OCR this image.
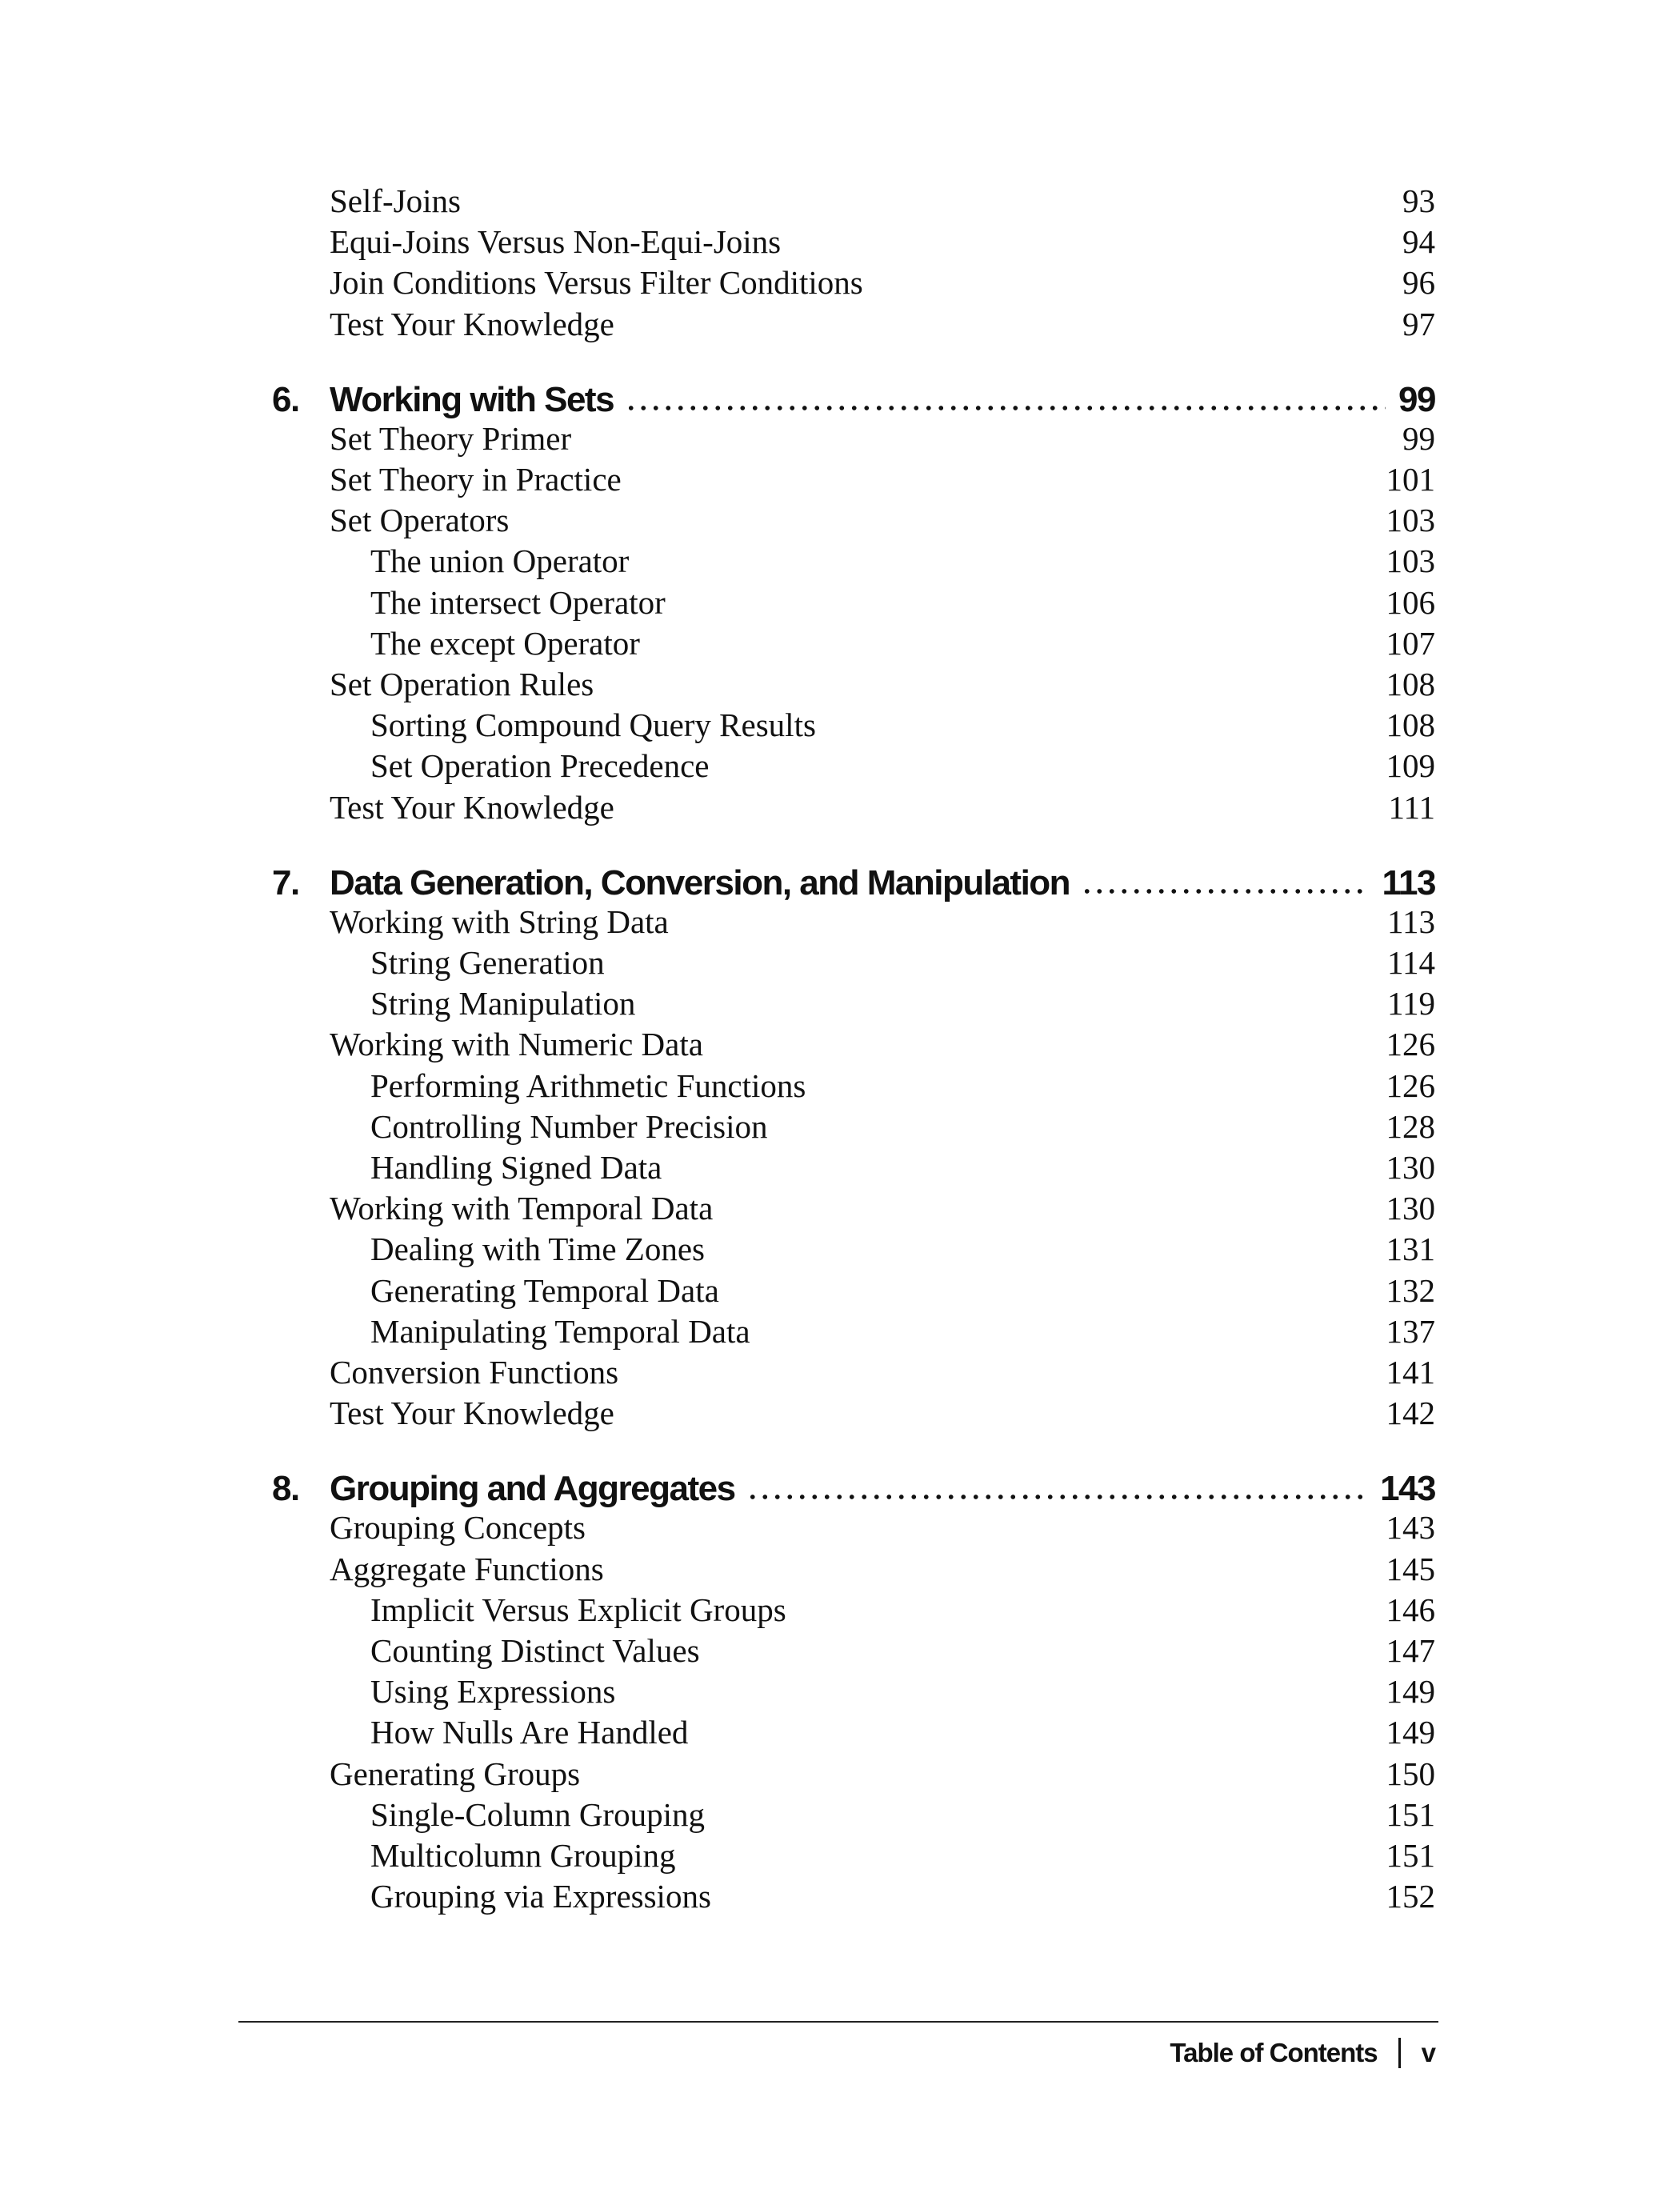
Self-Joins	93
Equi-Joins Versus Non-Equi-Joins	94
Join Conditions Versus Filter Conditions	96
Test Your Knowledge	97
6. Working with Sets	99
Set Theory Primer	99
Set Theory in Practice	101
Set Operators	103
The union Operator	103
The intersect Operator	106
The except Operator	107
Set Operation Rules	108
Sorting Compound Query Results	108
Set Operation Precedence	109
Test Your Knowledge	111
7. Data Generation, Conversion, and Manipulation	113
Working with String Data	113
String Generation	114
String Manipulation	119
Working with Numeric Data	126
Performing Arithmetic Functions	126
Controlling Number Precision	128
Handling Signed Data	130
Working with Temporal Data	130
Dealing with Time Zones	131
Generating Temporal Data	132
Manipulating Temporal Data	137
Conversion Functions	141
Test Your Knowledge	142
8. Grouping and Aggregates	143
Grouping Concepts	143
Aggregate Functions	145
Implicit Versus Explicit Groups	146
Counting Distinct Values	147
Using Expressions	149
How Nulls Are Handled	149
Generating Groups	150
Single-Column Grouping	151
Multicolumn Grouping	151
Grouping via Expressions	152
Table of Contents v
